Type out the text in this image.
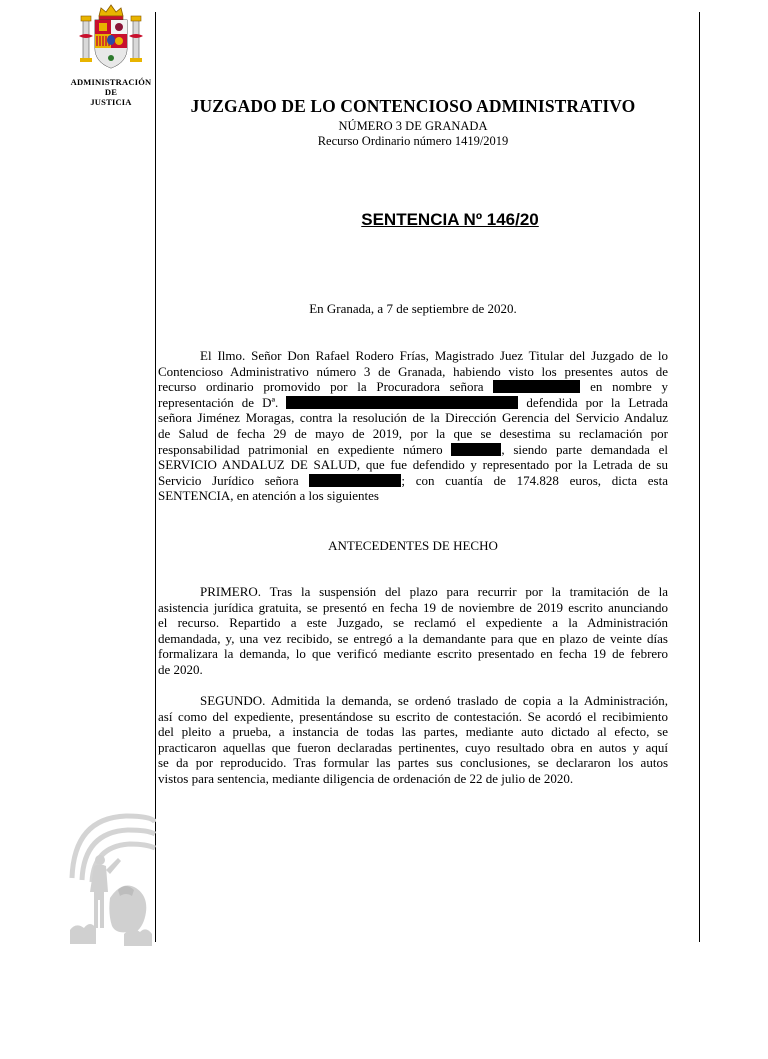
ADMINISTRACIÓN
DE
JUSTICIA	JUZGADO DE LO CONTENCIOSO ADMINISTRATIVO
NÚMERO 3 DE GRANADA
Recurso Ordinario número 1419/2019
SENTENCIA Nº 146/20
En Granada, a 7 de septiembre de 2020.
El Ilmo. Señor Don Rafael Rodero Frías, Magistrado Juez Titular del Juzgado de lo
Contencioso Administrativo número 3 de Granada, habiendo visto los presentes autos de
recurso ordinario promovido por la Procuradora señora	en nombre y
representación de Dª.	defendida por la Letrada
señora Jiménez Moragas, contra la resolución de la Dirección Gerencia del Servicio Andaluz
de Salud de fecha 29 de mayo de 2019, por la que se desestima su reclamación por
responsabilidad patrimonial en expediente número	, siendo parte demandada el
SERVICIO ANDALUZ DE SALUD, que fue defendido y representado por la Letrada de su
Servicio Jurídico señora	; con cuantía de 174.828 euros, dicta esta
SENTENCIA, en atención a los siguientes
ANTECEDENTES DE HECHO
PRIMERO. Tras la suspensión del plazo para recurrir por la tramitación de la
asistencia jurídica gratuita, se presentó en fecha 19 de noviembre de 2019 escrito anunciando
el recurso. Repartido a este Juzgado, se reclamó el expediente a la Administración
demandada, y, una vez recibido, se entregó a la demandante para que en plazo de veinte días
formalizara la demanda, lo que verificó mediante escrito presentado en fecha 19 de febrero
de 2020.
SEGUNDO. Admitida la demanda, se ordenó traslado de copia a la Administración,
así como del expediente, presentándose su escrito de contestación. Se acordó el recibimiento
del pleito a prueba, a instancia de todas las partes, mediante auto dictado al efecto, se
practicaron aquellas que fueron declaradas pertinentes, cuyo resultado obra en autos y aquí
se da por reproducido. Tras formular las partes sus conclusiones, se declararon los autos
vistos para sentencia, mediante diligencia de ordenación de 22 de julio de 2020.
